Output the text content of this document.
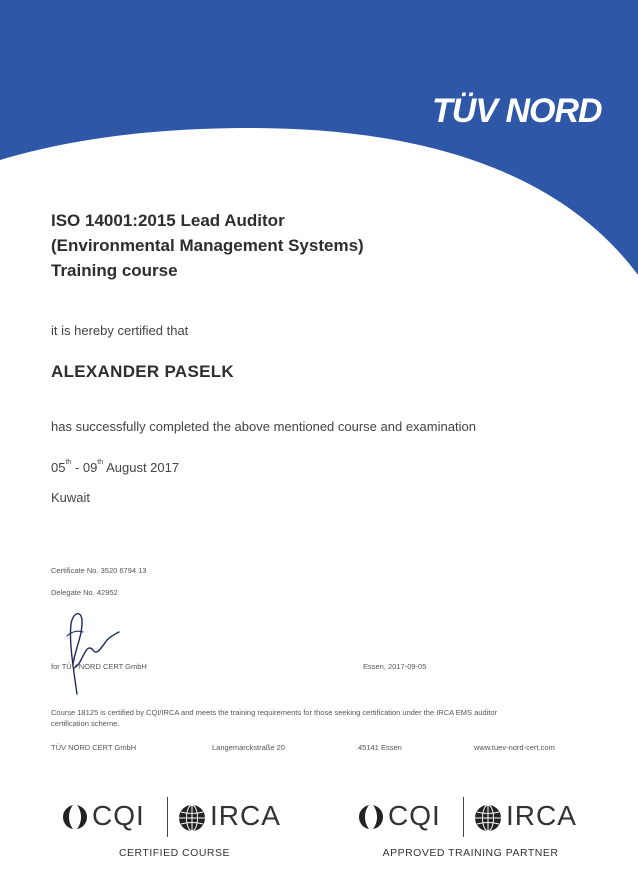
TÜV NORD
ISO 14001:2015 Lead Auditor
(Environmental Management Systems)
Training course
it is hereby certified that
ALEXANDER PASELK
has successfully completed the above mentioned course and examination
05th - 09th August 2017
Kuwait
Certificate No. 3520 6794 13
Delegate No. 42952
for TÜV NORD CERT GmbH	Essen, 2017-09-05
Course 18125 is certified by CQI/IRCA and meets the training requirements for those seeking certification under the IRCA EMS auditor certification scheme.
TÜV NORD CERT GmbH	Langemarckstraße 20	45141 Essen	www.tuev-nord-cert.com
CQI IRCA
CERTIFIED COURSE
CQI IRCA
APPROVED TRAINING PARTNER
